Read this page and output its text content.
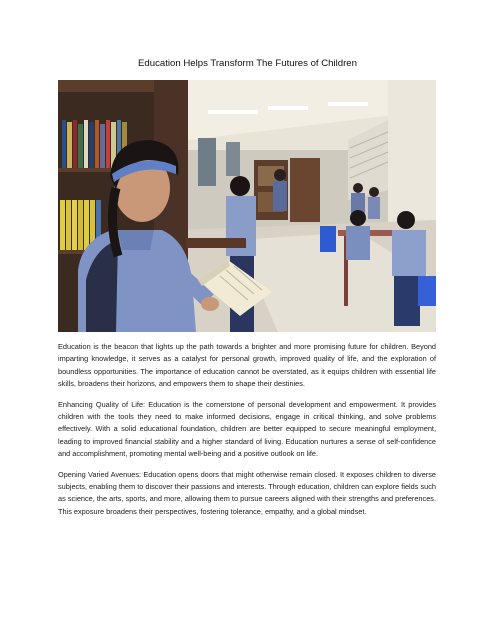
Education Helps Transform The Futures of Children

Education is the beacon that lights up the path towards a brighter and more promising future for children. Beyond imparting knowledge, it serves as a catalyst for personal growth, improved quality of life, and the exploration of boundless opportunities. The importance of education cannot be overstated, as it equips children with essential life skills, broadens their horizons, and empowers them to shape their destinies.

Enhancing Quality of Life: Education is the cornerstone of personal development and empowerment. It provides children with the tools they need to make informed decisions, engage in critical thinking, and solve problems effectively. With a solid educational foundation, children are better equipped to secure meaningful employment, leading to improved financial stability and a higher standard of living. Education nurtures a sense of self-confidence and accomplishment, promoting mental well-being and a positive outlook on life.

Opening Varied Avenues: Education opens doors that might otherwise remain closed. It exposes children to diverse subjects, enabling them to discover their passions and interests. Through education, children can explore fields such as science, the arts, sports, and more, allowing them to pursue careers aligned with their strengths and preferences. This exposure broadens their perspectives, fostering tolerance, empathy, and a global mindset.
